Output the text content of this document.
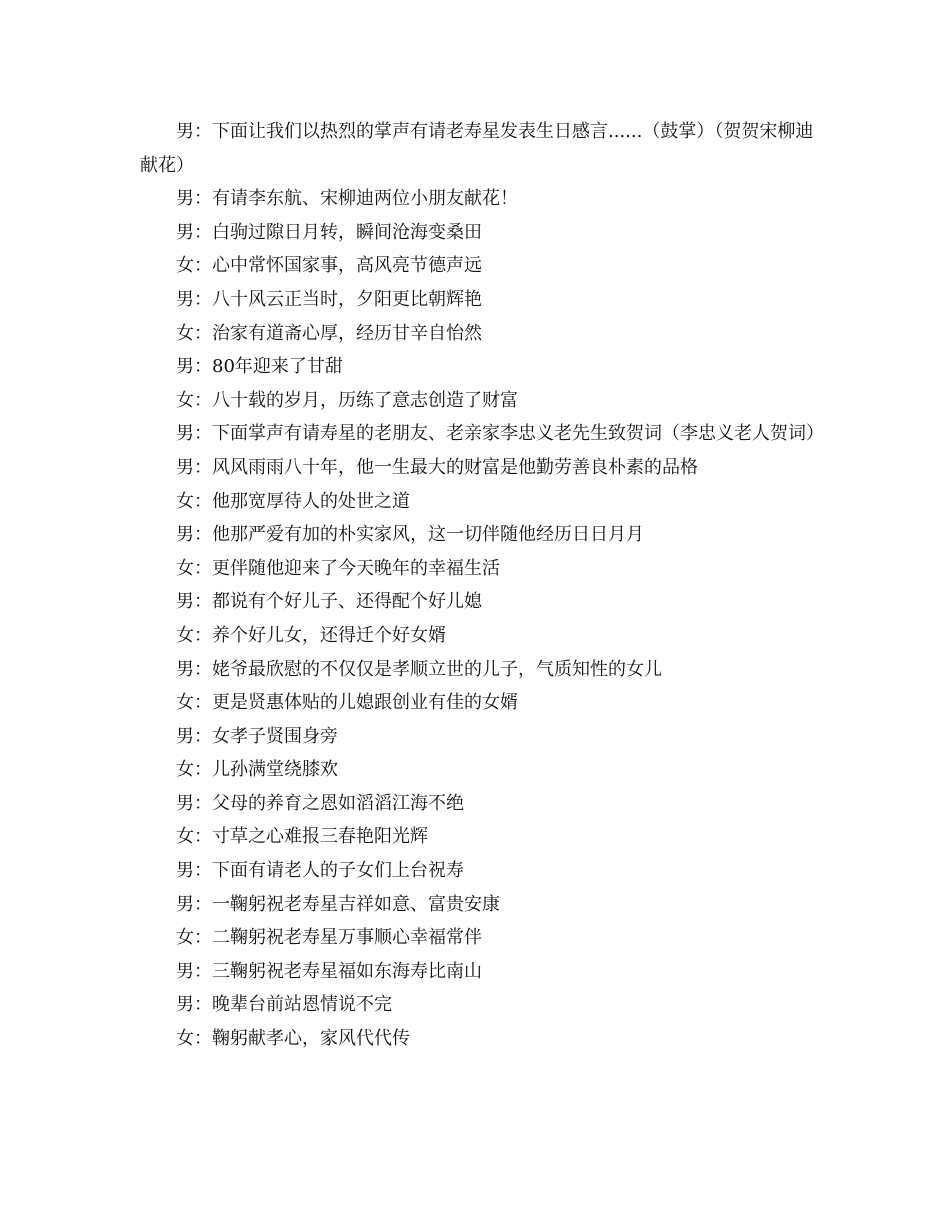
男：下面让我们以热烈的掌声有请老寿星发表生日感言......（鼓掌）（贺贺宋柳迪献花）

男：有请李东航、宋柳迪两位小朋友献花！

男：白驹过隙日月转，瞬间沧海变桑田

女：心中常怀国家事，高风亮节德声远

男：八十风云正当时，夕阳更比朝辉艳

女：治家有道斋心厚，经历甘辛自怡然

男：80年迎来了甘甜

女：八十载的岁月，历练了意志创造了财富

男：下面掌声有请寿星的老朋友、老亲家李忠义老先生致贺词（李忠义老人贺词）

男：风风雨雨八十年，他一生最大的财富是他勤劳善良朴素的品格

女：他那宽厚待人的处世之道

男：他那严爱有加的朴实家风，这一切伴随他经历日日月月

女：更伴随他迎来了今天晚年的幸福生活

男：都说有个好儿子、还得配个好儿媳

女：养个好儿女，还得迁个好女婿

男：姥爷最欣慰的不仅仅是孝顺立世的儿子，气质知性的女儿

女：更是贤惠体贴的儿媳跟创业有佳的女婿

男：女孝子贤围身旁

女：儿孙满堂绕膝欢

男：父母的养育之恩如滔滔江海不绝

女：寸草之心难报三春艳阳光辉

男：下面有请老人的子女们上台祝寿

男：一鞠躬祝老寿星吉祥如意、富贵安康

女：二鞠躬祝老寿星万事顺心幸福常伴

男：三鞠躬祝老寿星福如东海寿比南山

男：晚辈台前站恩情说不完

女：鞠躬献孝心，家风代代传
